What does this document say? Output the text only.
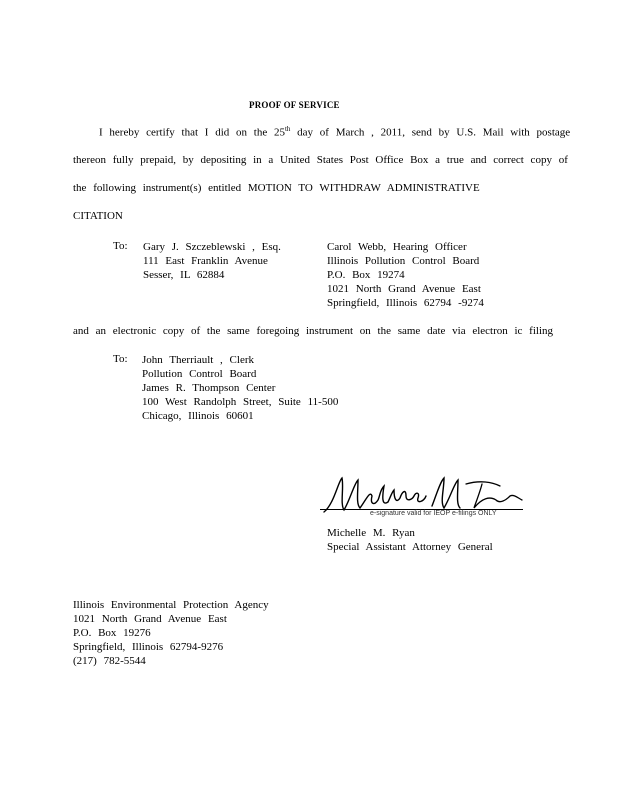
PROOF OF SERVICE
I hereby certify that I did on the 25th day of March , 2011, send by U.S. Mail with postage
thereon fully prepaid, by depositing in a United States Post Office Box a true and correct copy of
the following instrument(s) entitled MOTION TO WITHDRAW ADMINISTRATIVE
CITATION
To: Gary J. Szczeblewski , Esq.
111 East Franklin Avenue
Sesser, IL 62884
Carol Webb, Hearing Officer
Illinois Pollution Control Board
P.O. Box 19274
1021 North Grand Avenue East
Springfield, Illinois 62794 -9274
and an electronic copy of the same foregoing instrument on the same date via electron ic filing
To: John Therriault , Clerk
Pollution Control Board
James R. Thompson Center
100 West Randolph Street, Suite 11-500
Chicago, Illinois 60601
e-signature valid for IEOP e-filings ONLY
Michelle M. Ryan
Special Assistant Attorney General
Illinois Environmental Protection Agency
1021 North Grand Avenue East
P.O. Box 19276
Springfield, Illinois 62794-9276
(217) 782-5544
